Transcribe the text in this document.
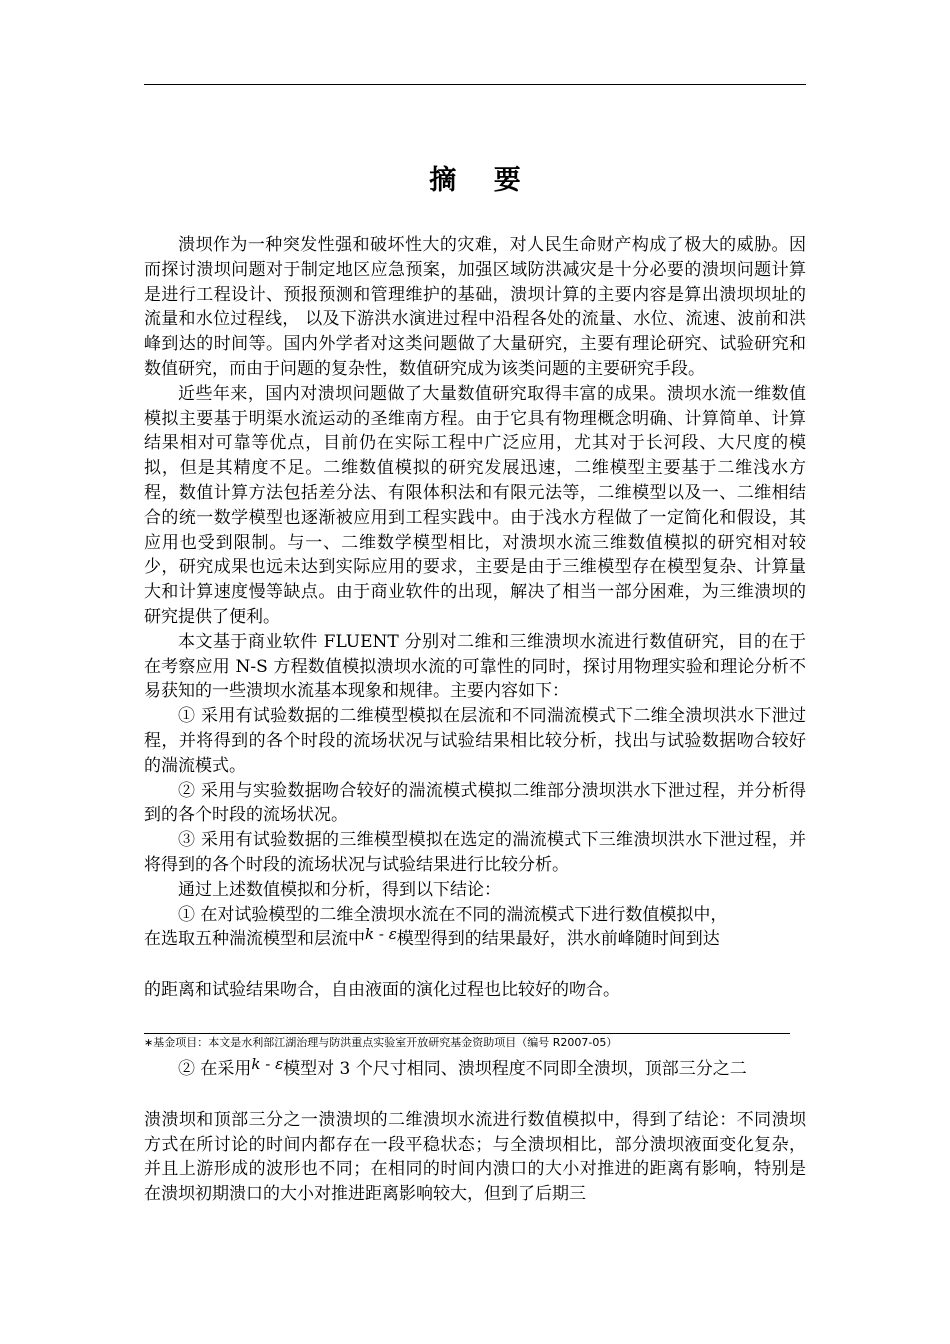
摘 要

溃坝作为一种突发性强和破坏性大的灾难，对人民生命财产构成了极大的威胁。因而探讨溃坝问题对于制定地区应急预案，加强区域防洪减灾是十分必要的溃坝问题计算是进行工程设计、预报预测和管理维护的基础，溃坝计算的主要内容是算出溃坝坝址的流量和水位过程线， 以及下游洪水演进过程中沿程各处的流量、水位、流速、波前和洪峰到达的时间等。国内外学者对这类问题做了大量研究，主要有理论研究、试验研究和数值研究，而由于问题的复杂性，数值研究成为该类问题的主要研究手段。

近些年来，国内对溃坝问题做了大量数值研究取得丰富的成果。溃坝水流一维数值模拟主要基于明渠水流运动的圣维南方程。由于它具有物理概念明确、计算简单、计算结果相对可靠等优点，目前仍在实际工程中广泛应用，尤其对于长河段、大尺度的模拟，但是其精度不足。二维数值模拟的研究发展迅速，二维模型主要基于二维浅水方程，数值计算方法包括差分法、有限体积法和有限元法等，二维模型以及一、二维相结合的统一数学模型也逐渐被应用到工程实践中。由于浅水方程做了一定简化和假设，其应用也受到限制。与一、二维数学模型相比，对溃坝水流三维数值模拟的研究相对较少，研究成果也远未达到实际应用的要求，主要是由于三维模型存在模型复杂、计算量大和计算速度慢等缺点。由于商业软件的出现，解决了相当一部分困难，为三维溃坝的研究提供了便利。

本文基于商业软件 FLUENT 分别对二维和三维溃坝水流进行数值研究，目的在于在考察应用 N-S 方程数值模拟溃坝水流的可靠性的同时，探讨用物理实验和理论分析不易获知的一些溃坝水流基本现象和规律。主要内容如下：

① 采用有试验数据的二维模型模拟在层流和不同湍流模式下二维全溃坝洪水下泄过程，并将得到的各个时段的流场状况与试验结果相比较分析，找出与试验数据吻合较好的湍流模式。

② 采用与实验数据吻合较好的湍流模式模拟二维部分溃坝洪水下泄过程，并分析得到的各个时段的流场状况。

③ 采用有试验数据的三维模型模拟在选定的湍流模式下三维溃坝洪水下泄过程，并将得到的各个时段的流场状况与试验结果进行比较分析。

通过上述数值模拟和分析，得到以下结论：

① 在对试验模型的二维全溃坝水流在不同的湍流模式下进行数值模拟中，

在选取五种湍流模型和层流中k - ε模型得到的结果最好，洪水前峰随时间到达

的距离和试验结果吻合，自由液面的演化过程也比较好的吻合。

∗基金项目：本文是水利部江湖治理与防洪重点实验室开放研究基金资助项目（编号 R2007-05）

② 在采用k - ε模型对 3 个尺寸相同、溃坝程度不同即全溃坝，顶部三分之二

溃溃坝和顶部三分之一溃溃坝的二维溃坝水流进行数值模拟中，得到了结论：不同溃坝方式在所讨论的时间内都存在一段平稳状态；与全溃坝相比，部分溃坝液面变化复杂，并且上游形成的波形也不同；在相同的时间内溃口的大小对推进的距离有影响，特别是在溃坝初期溃口的大小对推进距离影响较大，但到了后期三
